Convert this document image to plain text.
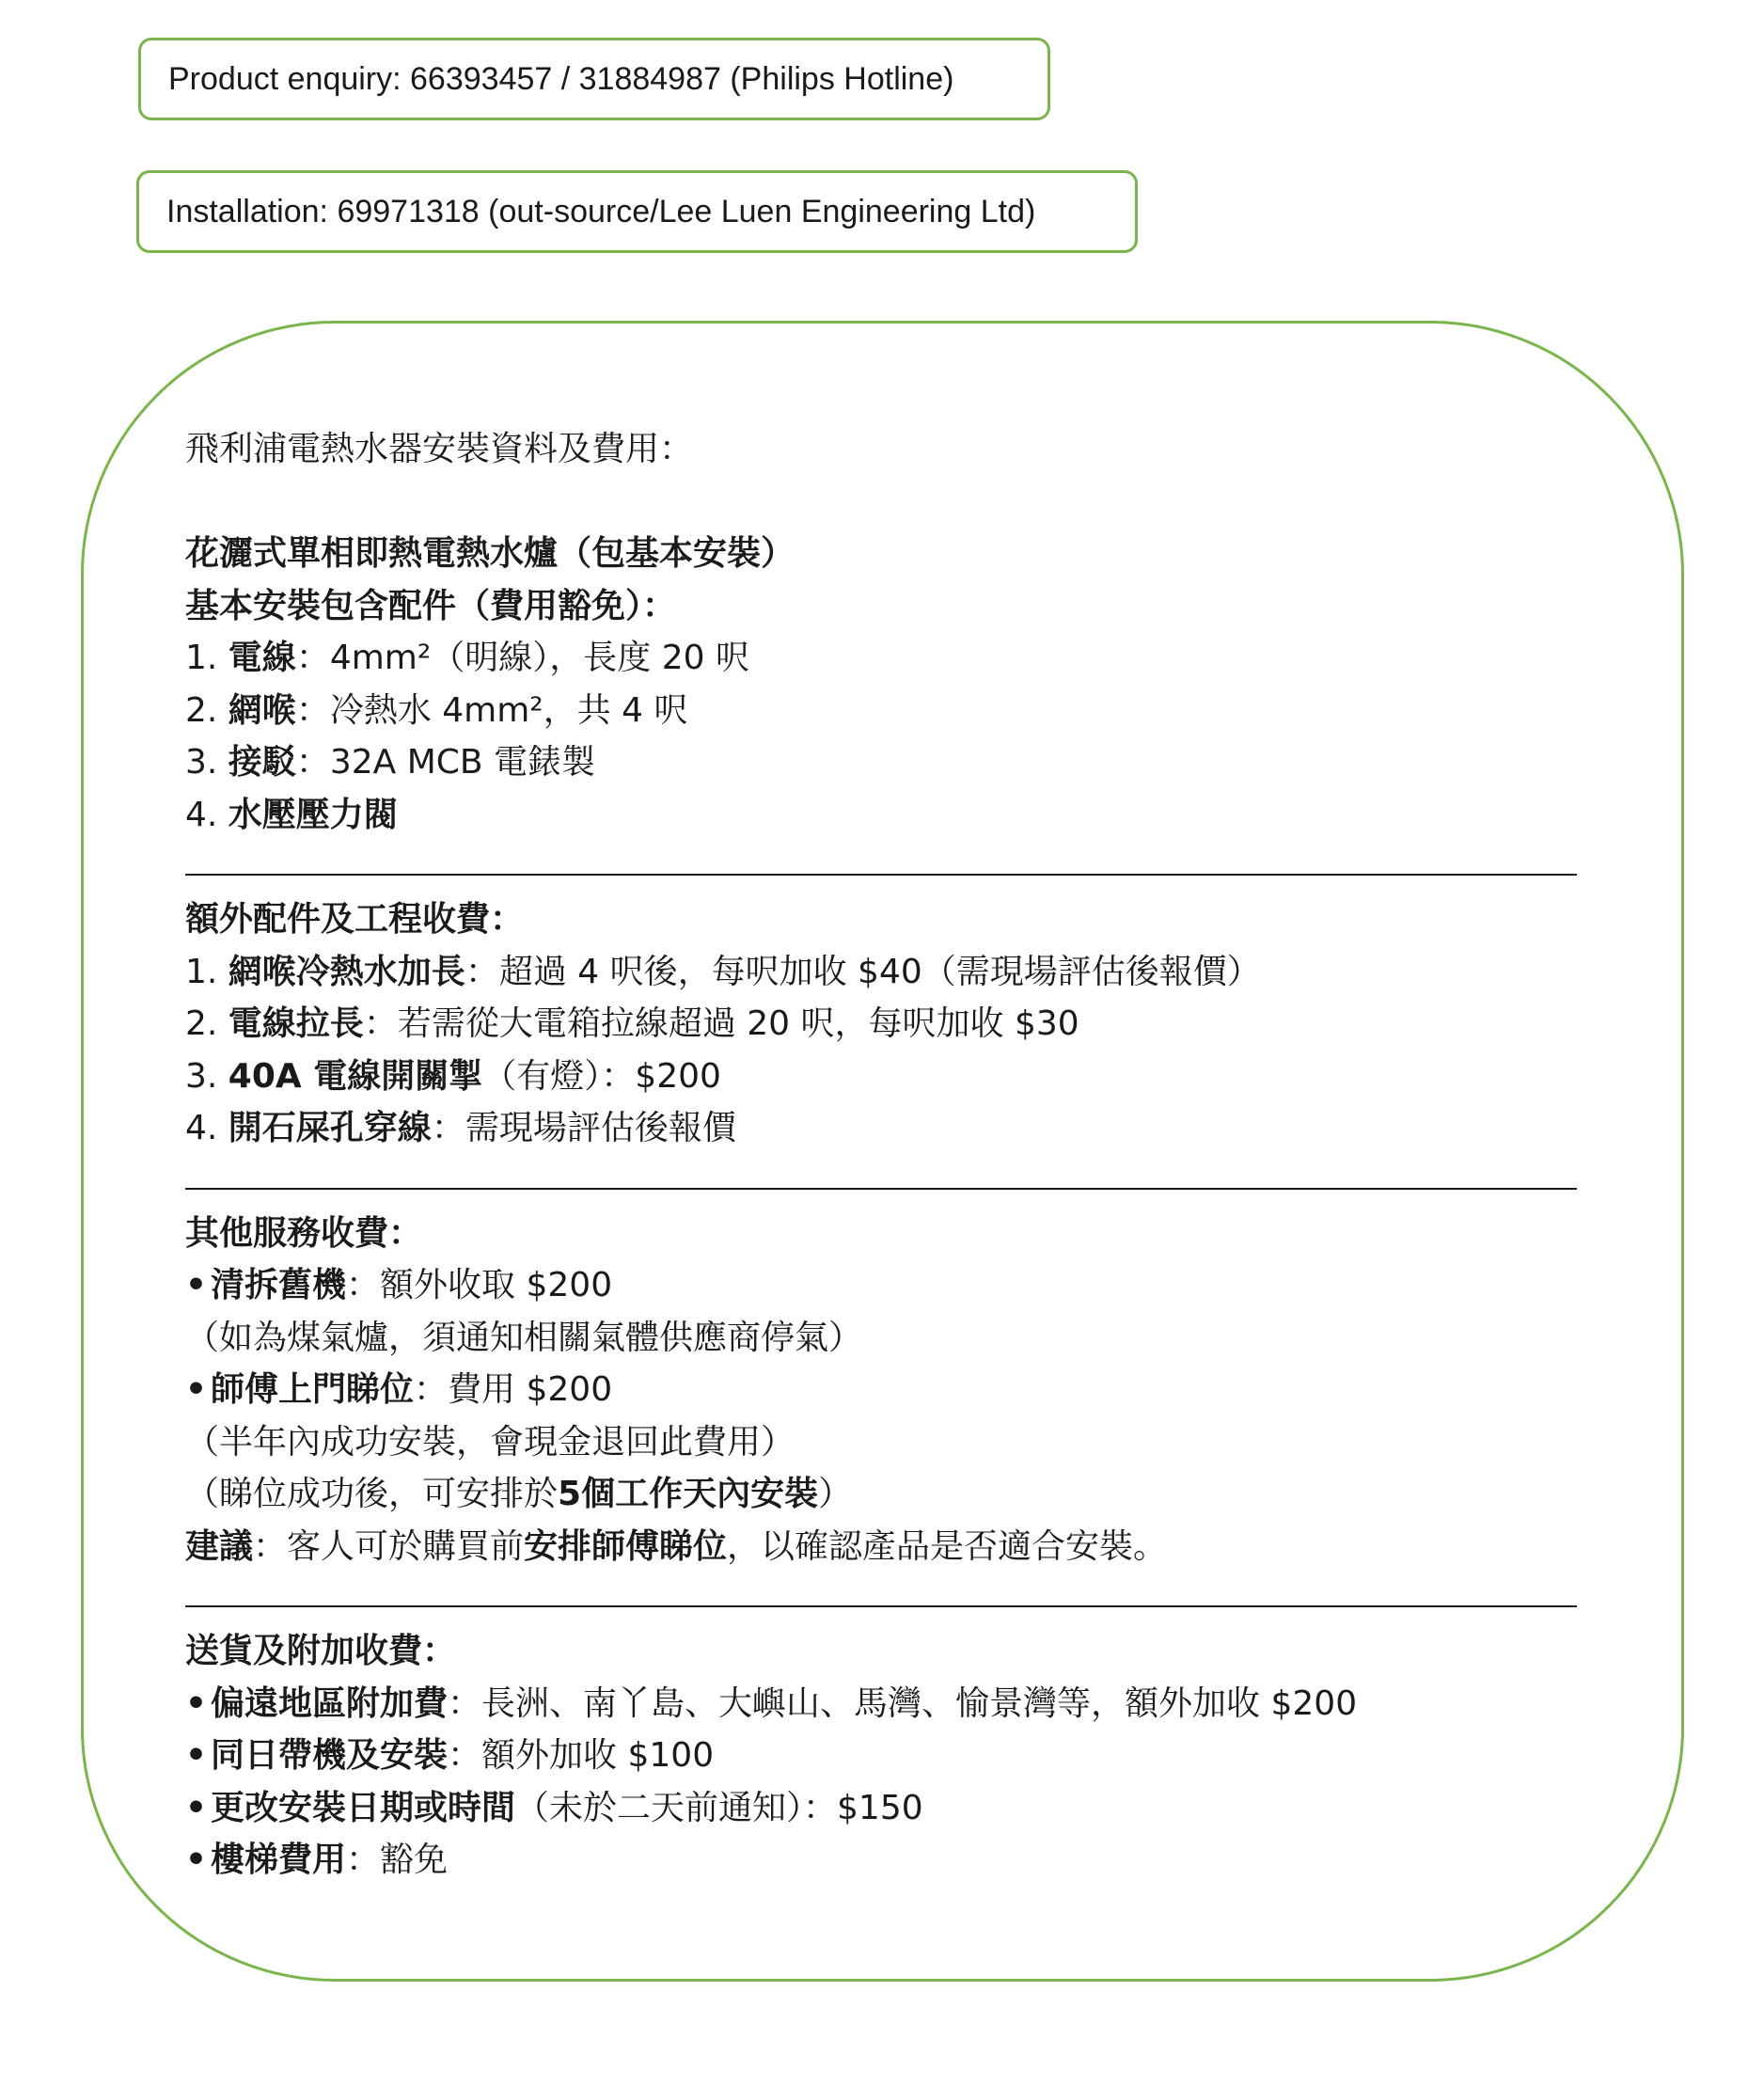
Product enquiry: 66393457 / 31884987 (Philips Hotline)
Installation: 69971318 (out-source/Lee Luen Engineering Ltd)
飛利浦電熱水器安裝資料及費用：
花灑式單相即熱電熱水爐（包基本安裝）
基本安裝包含配件（費用豁免）：
1. 電線：4mm²（明線），長度 20 呎
2. 網喉：冷熱水 4mm²，共 4 呎
3. 接駁：32A MCB 電錶製
4. 水壓壓力閥
額外配件及工程收費：
1. 網喉冷熱水加長：超過 4 呎後，每呎加收 $40（需現場評估後報價）
2. 電線拉長：若需從大電箱拉線超過 20 呎，每呎加收 $30
3. 40A 電線開關掣（有燈）：$200
4. 開石屎孔穿線：需現場評估後報價
其他服務收費：
• 清拆舊機：額外收取 $200
（如為煤氣爐，須通知相關氣體供應商停氣）
• 師傅上門睇位：費用 $200
（半年內成功安裝，會現金退回此費用）
（睇位成功後，可安排於5個工作天內安裝）
建議：客人可於購買前安排師傅睇位，以確認產品是否適合安裝。
送貨及附加收費：
• 偏遠地區附加費：長洲、南丫島、大嶼山、馬灣、愉景灣等，額外加收 $200
• 同日帶機及安裝：額外加收 $100
• 更改安裝日期或時間（未於二天前通知）：$150
• 樓梯費用：豁免
